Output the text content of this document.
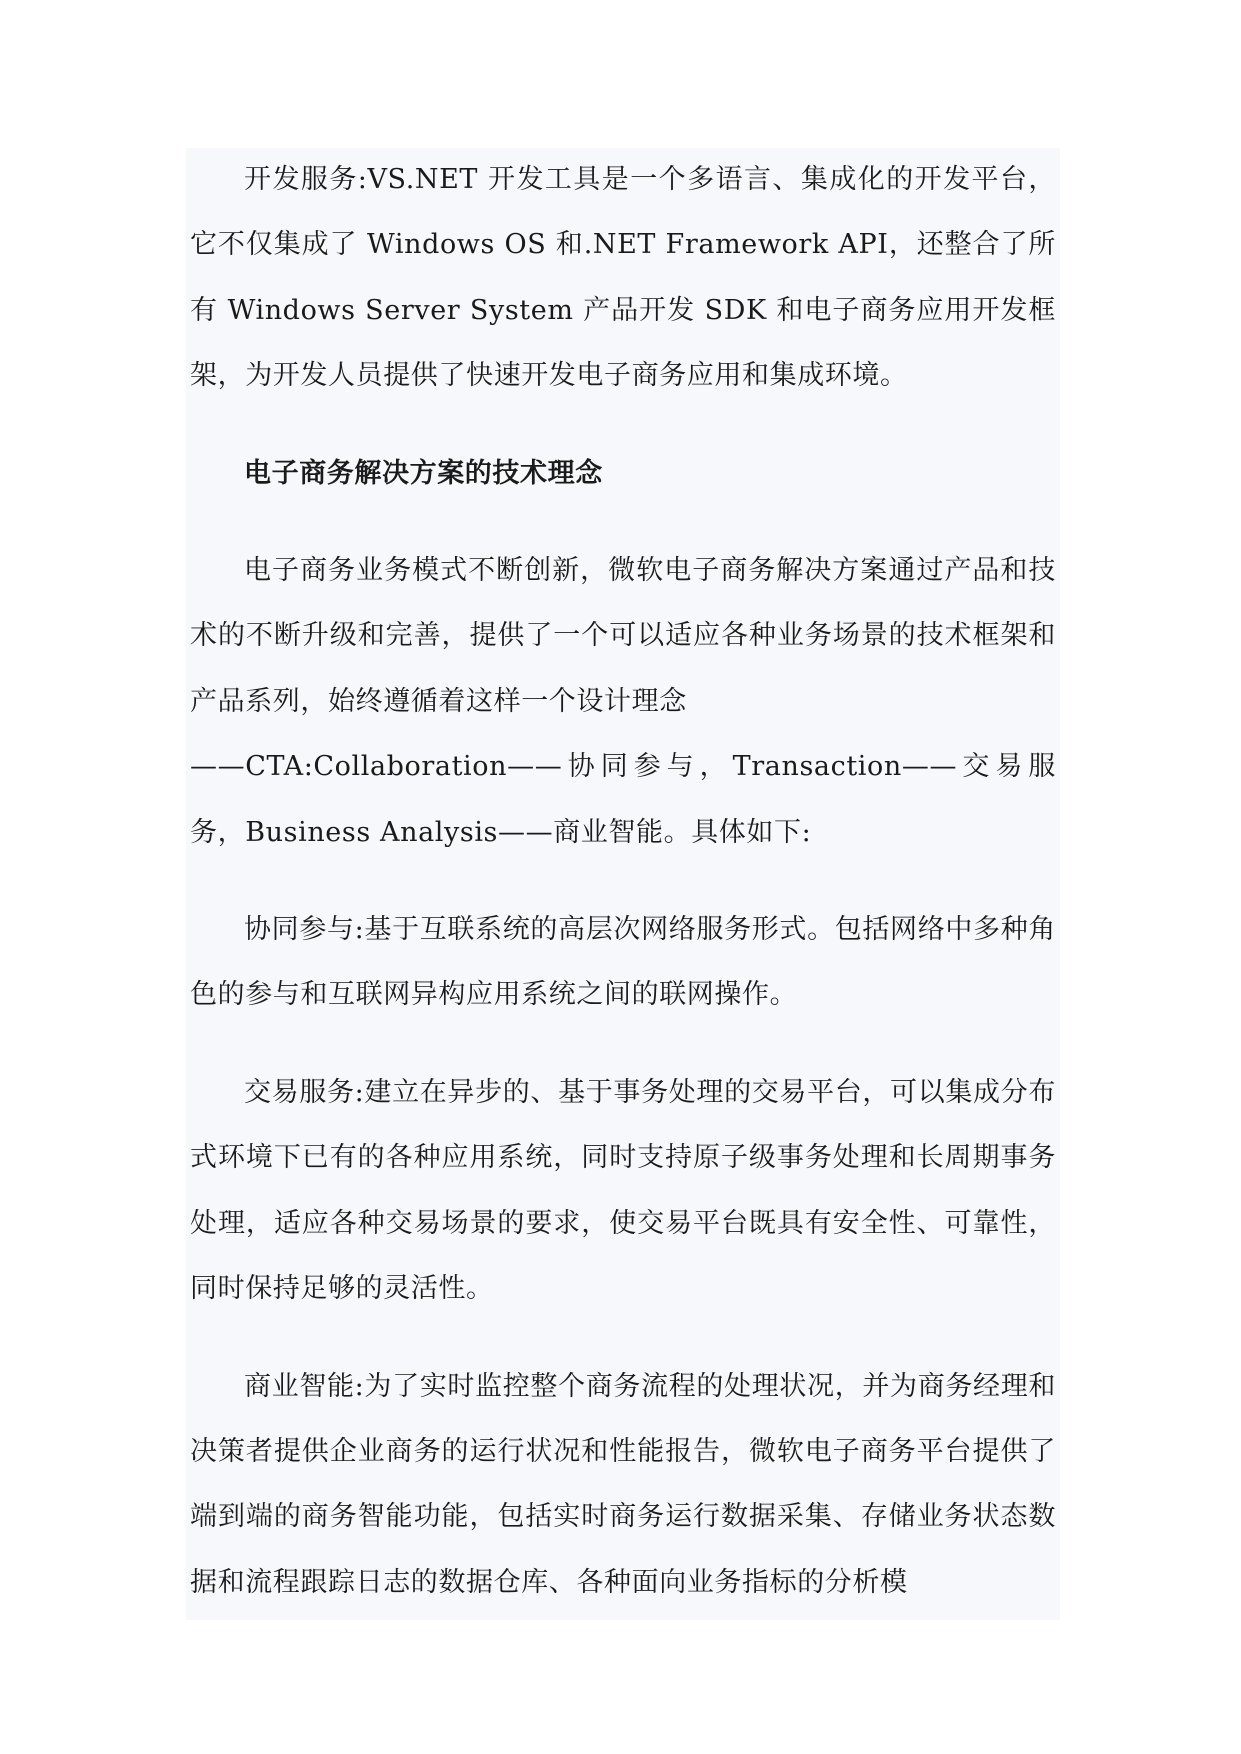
开发服务:VS.NET 开发工具是一个多语言、集成化的开发平台，它不仅集成了 Windows OS 和.NET Framework API，还整合了所有 Windows Server System 产品开发 SDK 和电子商务应用开发框架，为开发人员提供了快速开发电子商务应用和集成环境。

电子商务解决方案的技术理念

电子商务业务模式不断创新，微软电子商务解决方案通过产品和技术的不断升级和完善，提供了一个可以适应各种业务场景的技术框架和产品系列，始终遵循着这样一个设计理念

——CTA:Collaboration——协同参与，Transaction——交易服务，Business Analysis——商业智能。具体如下:

协同参与:基于互联系统的高层次网络服务形式。包括网络中多种角色的参与和互联网异构应用系统之间的联网操作。

交易服务:建立在异步的、基于事务处理的交易平台，可以集成分布式环境下已有的各种应用系统，同时支持原子级事务处理和长周期事务处理，适应各种交易场景的要求，使交易平台既具有安全性、可靠性，同时保持足够的灵活性。

商业智能:为了实时监控整个商务流程的处理状况，并为商务经理和决策者提供企业商务的运行状况和性能报告，微软电子商务平台提供了端到端的商务智能功能，包括实时商务运行数据采集、存储业务状态数据和流程跟踪日志的数据仓库、各种面向业务指标的分析模
